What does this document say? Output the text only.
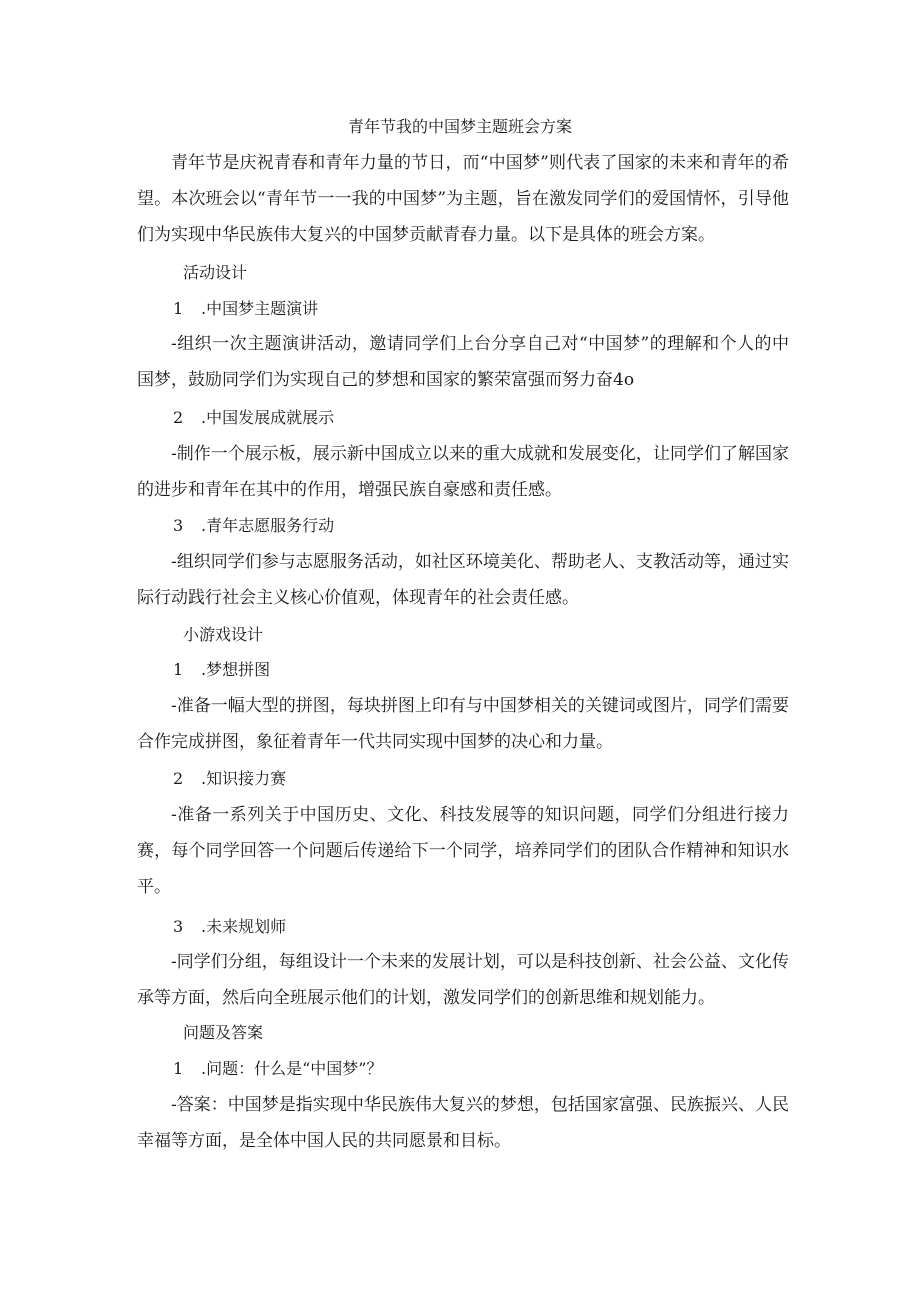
青年节我的中国梦主题班会方案
青年节是庆祝青春和青年力量的节日，而“中国梦”则代表了国家的未来和青年的希望。本次班会以“青年节一一我的中国梦”为主题，旨在激发同学们的爱国情怀，引导他们为实现中华民族伟大复兴的中国梦贡献青春力量。以下是具体的班会方案。
活动设计
1 .中国梦主题演讲
-组织一次主题演讲活动，邀请同学们上台分享自己对“中国梦”的理解和个人的中国梦，鼓励同学们为实现自己的梦想和国家的繁荣富强而努力奋4o
2 .中国发展成就展示
-制作一个展示板，展示新中国成立以来的重大成就和发展变化，让同学们了解国家的进步和青年在其中的作用，增强民族自豪感和责任感。
3 .青年志愿服务行动
-组织同学们参与志愿服务活动，如社区环境美化、帮助老人、支教活动等，通过实际行动践行社会主义核心价值观，体现青年的社会责任感。
小游戏设计
1 .梦想拼图
-准备一幅大型的拼图，每块拼图上印有与中国梦相关的关键词或图片，同学们需要合作完成拼图，象征着青年一代共同实现中国梦的决心和力量。
2 .知识接力赛
-准备一系列关于中国历史、文化、科技发展等的知识问题，同学们分组进行接力赛，每个同学回答一个问题后传递给下一个同学，培养同学们的团队合作精神和知识水平。
3 .未来规划师
-同学们分组，每组设计一个未来的发展计划，可以是科技创新、社会公益、文化传承等方面，然后向全班展示他们的计划，激发同学们的创新思维和规划能力。
问题及答案
1 .问题：什么是“中国梦”？
-答案：中国梦是指实现中华民族伟大复兴的梦想，包括国家富强、民族振兴、人民幸福等方面，是全体中国人民的共同愿景和目标。
